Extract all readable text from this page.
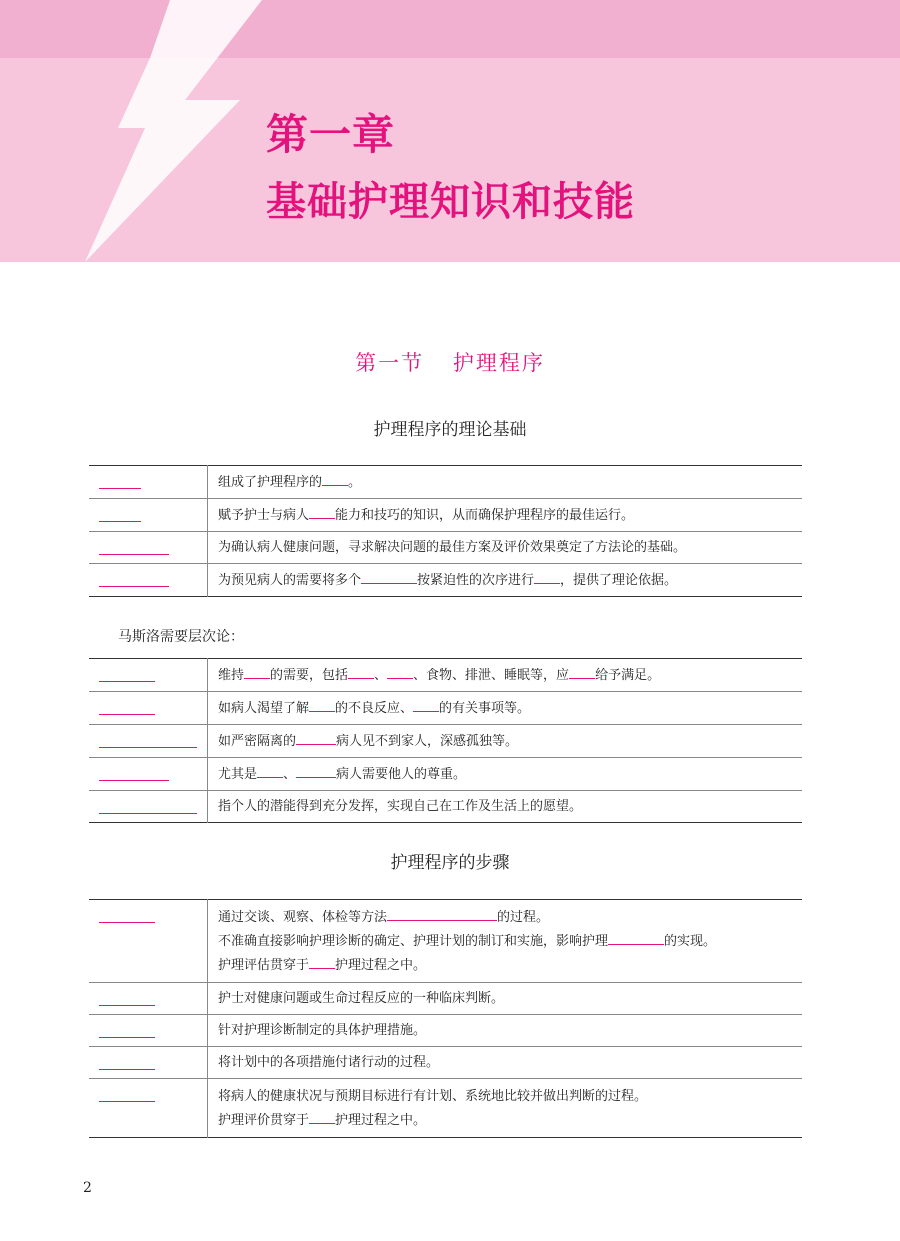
第一章
基础护理知识和技能
第一节 护理程序
护理程序的理论基础
	组成了护理程序的 。
	赋予护士与病人 能力和技巧的知识，从而确保护理程序的最佳运行。
	为确认病人健康问题，寻求解决问题的最佳方案及评价效果奠定了方法论的基础。
	为预见病人的需要将多个 按紧迫性的次序进行 ，提供了理论依据。
马斯洛需要层次论：
	维持 的需要，包括 、 、食物、排泄、睡眠等，应 给予满足。
	如病人渴望了解 的不良反应、 的有关事项等。
	如严密隔离的 病人见不到家人，深感孤独等。
	尤其是 、 病人需要他人的尊重。
	指个人的潜能得到充分发挥，实现自己在工作及生活上的愿望。
护理程序的步骤

	通过交谈、观察、体检等方法 的过程。
不准确直接影响护理诊断的确定、护理计划的制订和实施，影响护理 的实现。
护理评估贯穿于 护理过程之中。

	护士对健康问题或生命过程反应的一种临床判断。
	针对护理诊断制定的具体护理措施。
	将计划中的各项措施付诸行动的过程。

	将病人的健康状况与预期目标进行有计划、系统地比较并做出判断的过程。
护理评价贯穿于 护理过程之中。
2
